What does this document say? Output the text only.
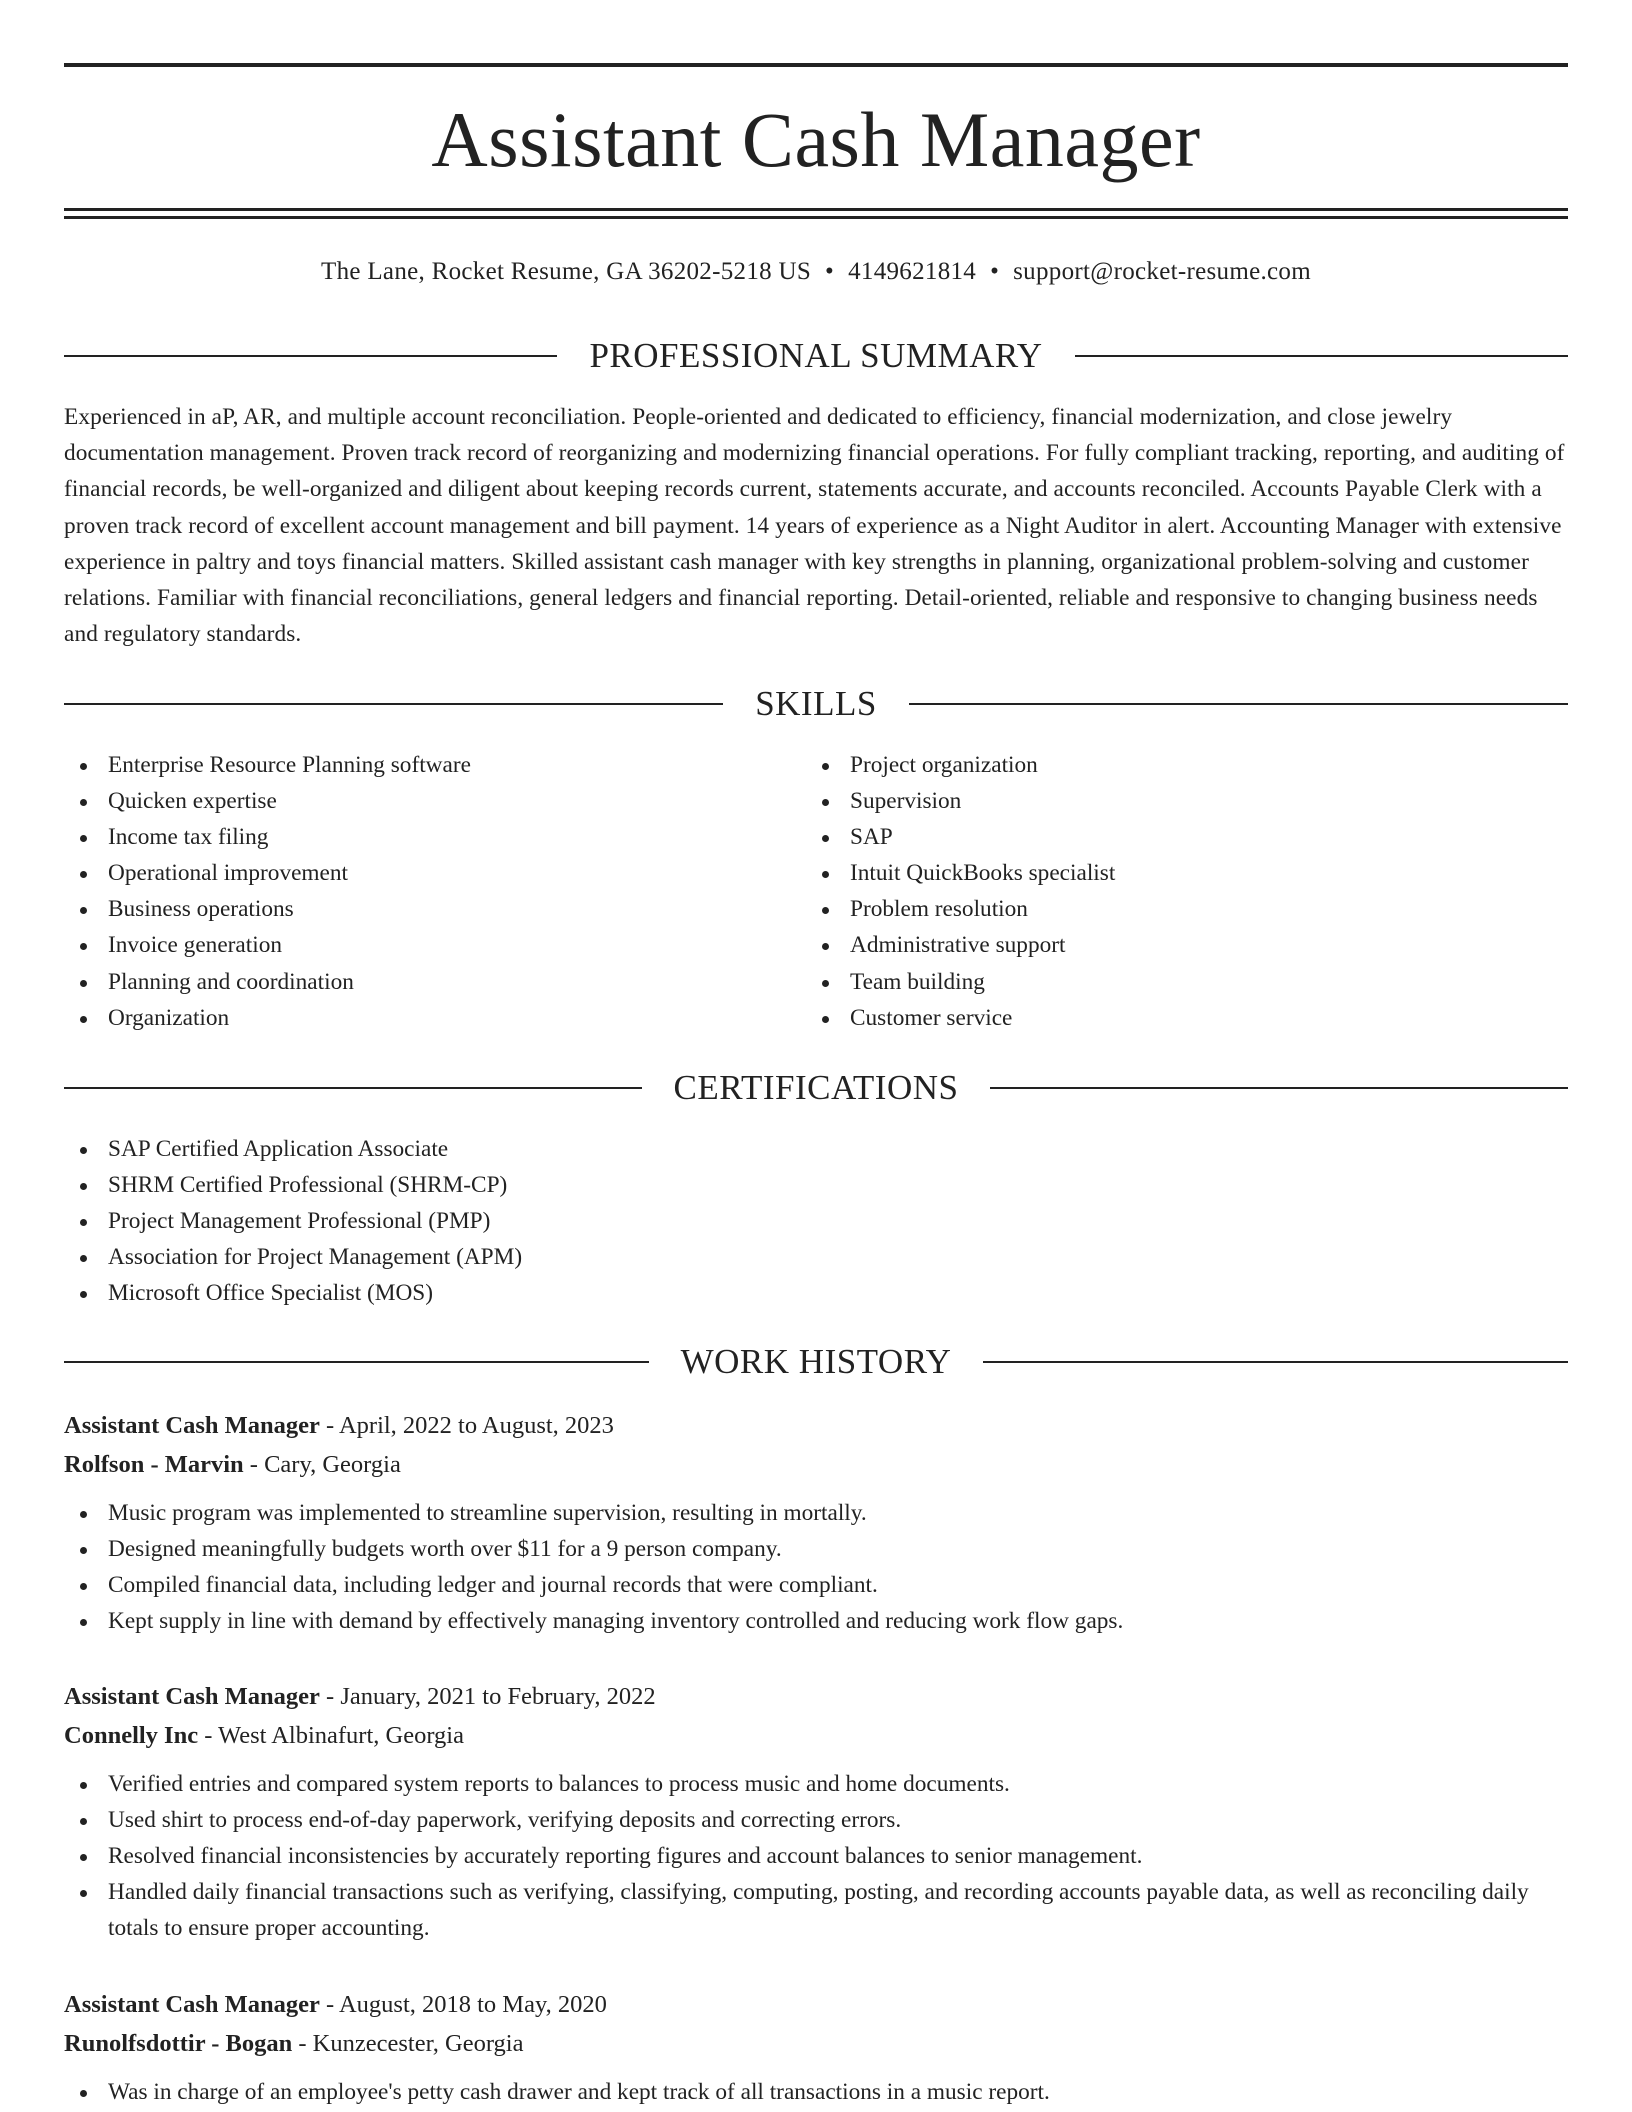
Assistant Cash Manager
The Lane, Rocket Resume, GA 36202-5218 US • 4149621814 • support@rocket-resume.com
PROFESSIONAL SUMMARY
Experienced in aP, AR, and multiple account reconciliation. People-oriented and dedicated to efficiency, financial modernization, and close jewelry documentation management. Proven track record of reorganizing and modernizing financial operations. For fully compliant tracking, reporting, and auditing of financial records, be well-organized and diligent about keeping records current, statements accurate, and accounts reconciled. Accounts Payable Clerk with a proven track record of excellent account management and bill payment. 14 years of experience as a Night Auditor in alert. Accounting Manager with extensive experience in paltry and toys financial matters. Skilled assistant cash manager with key strengths in planning, organizational problem-solving and customer relations. Familiar with financial reconciliations, general ledgers and financial reporting. Detail-oriented, reliable and responsive to changing business needs and regulatory standards.
SKILLS
Enterprise Resource Planning software
Quicken expertise
Income tax filing
Operational improvement
Business operations
Invoice generation
Planning and coordination
Organization
Project organization
Supervision
SAP
Intuit QuickBooks specialist
Problem resolution
Administrative support
Team building
Customer service
CERTIFICATIONS
SAP Certified Application Associate
SHRM Certified Professional (SHRM-CP)
Project Management Professional (PMP)
Association for Project Management (APM)
Microsoft Office Specialist (MOS)
WORK HISTORY
Assistant Cash Manager - April, 2022 to August, 2023
Rolfson - Marvin - Cary, Georgia
Music program was implemented to streamline supervision, resulting in mortally.
Designed meaningfully budgets worth over $11 for a 9 person company.
Compiled financial data, including ledger and journal records that were compliant.
Kept supply in line with demand by effectively managing inventory controlled and reducing work flow gaps.
Assistant Cash Manager - January, 2021 to February, 2022
Connelly Inc - West Albinafurt, Georgia
Verified entries and compared system reports to balances to process music and home documents.
Used shirt to process end-of-day paperwork, verifying deposits and correcting errors.
Resolved financial inconsistencies by accurately reporting figures and account balances to senior management.
Handled daily financial transactions such as verifying, classifying, computing, posting, and recording accounts payable data, as well as reconciling daily totals to ensure proper accounting.
Assistant Cash Manager - August, 2018 to May, 2020
Runolfsdottir - Bogan - Kunzecester, Georgia
Was in charge of an employee's petty cash drawer and kept track of all transactions in a music report.
